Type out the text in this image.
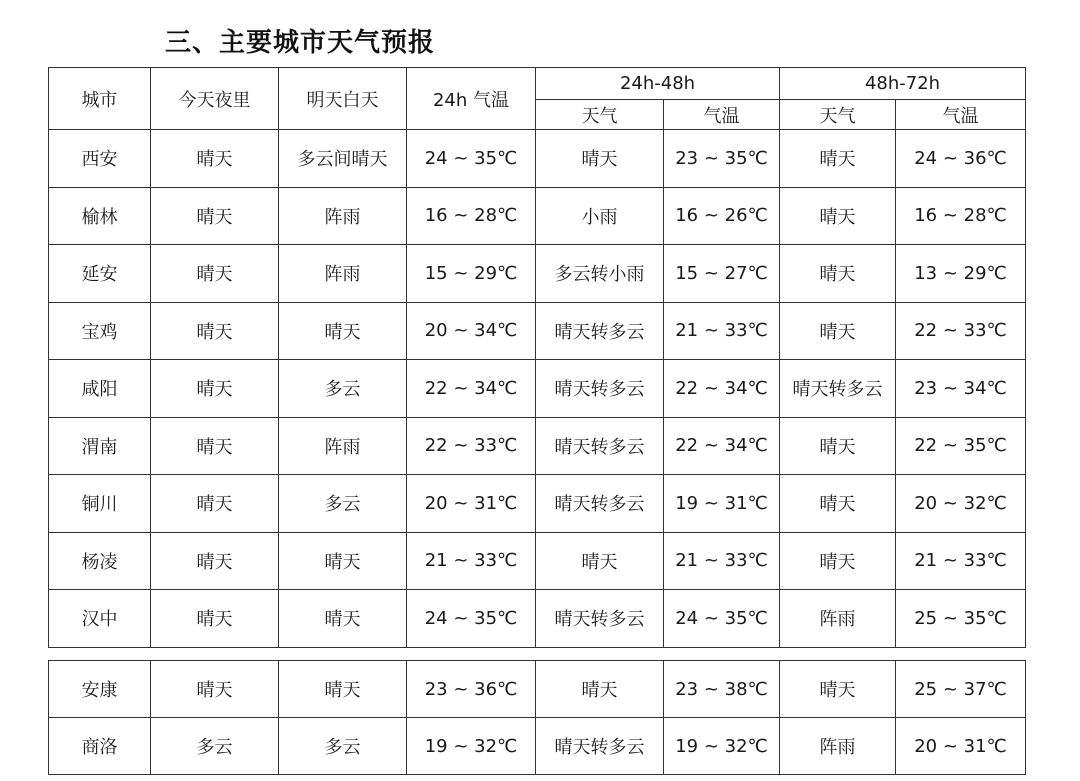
三、主要城市天气预报
城市	今天夜里	明天白天	24h 气温	24h-48h		48h-72h	
				天气	气温	天气	气温
西安	晴天	多云间晴天	24 ~ 35℃	晴天	23 ~ 35℃	晴天	24 ~ 36℃
榆林	晴天	阵雨	16 ~ 28℃	小雨	16 ~ 26℃	晴天	16 ~ 28℃
延安	晴天	阵雨	15 ~ 29℃	多云转小雨	15 ~ 27℃	晴天	13 ~ 29℃
宝鸡	晴天	晴天	20 ~ 34℃	晴天转多云	21 ~ 33℃	晴天	22 ~ 33℃
咸阳	晴天	多云	22 ~ 34℃	晴天转多云	22 ~ 34℃	晴天转多云	23 ~ 34℃
渭南	晴天	阵雨	22 ~ 33℃	晴天转多云	22 ~ 34℃	晴天	22 ~ 35℃
铜川	晴天	多云	20 ~ 31℃	晴天转多云	19 ~ 31℃	晴天	20 ~ 32℃
杨凌	晴天	晴天	21 ~ 33℃	晴天	21 ~ 33℃	晴天	21 ~ 33℃
汉中	晴天	晴天	24 ~ 35℃	晴天转多云	24 ~ 35℃	阵雨	25 ~ 35℃
安康	晴天	晴天	23 ~ 36℃	晴天	23 ~ 38℃	晴天	25 ~ 37℃
商洛	多云	多云	19 ~ 32℃	晴天转多云	19 ~ 32℃	阵雨	20 ~ 31℃
